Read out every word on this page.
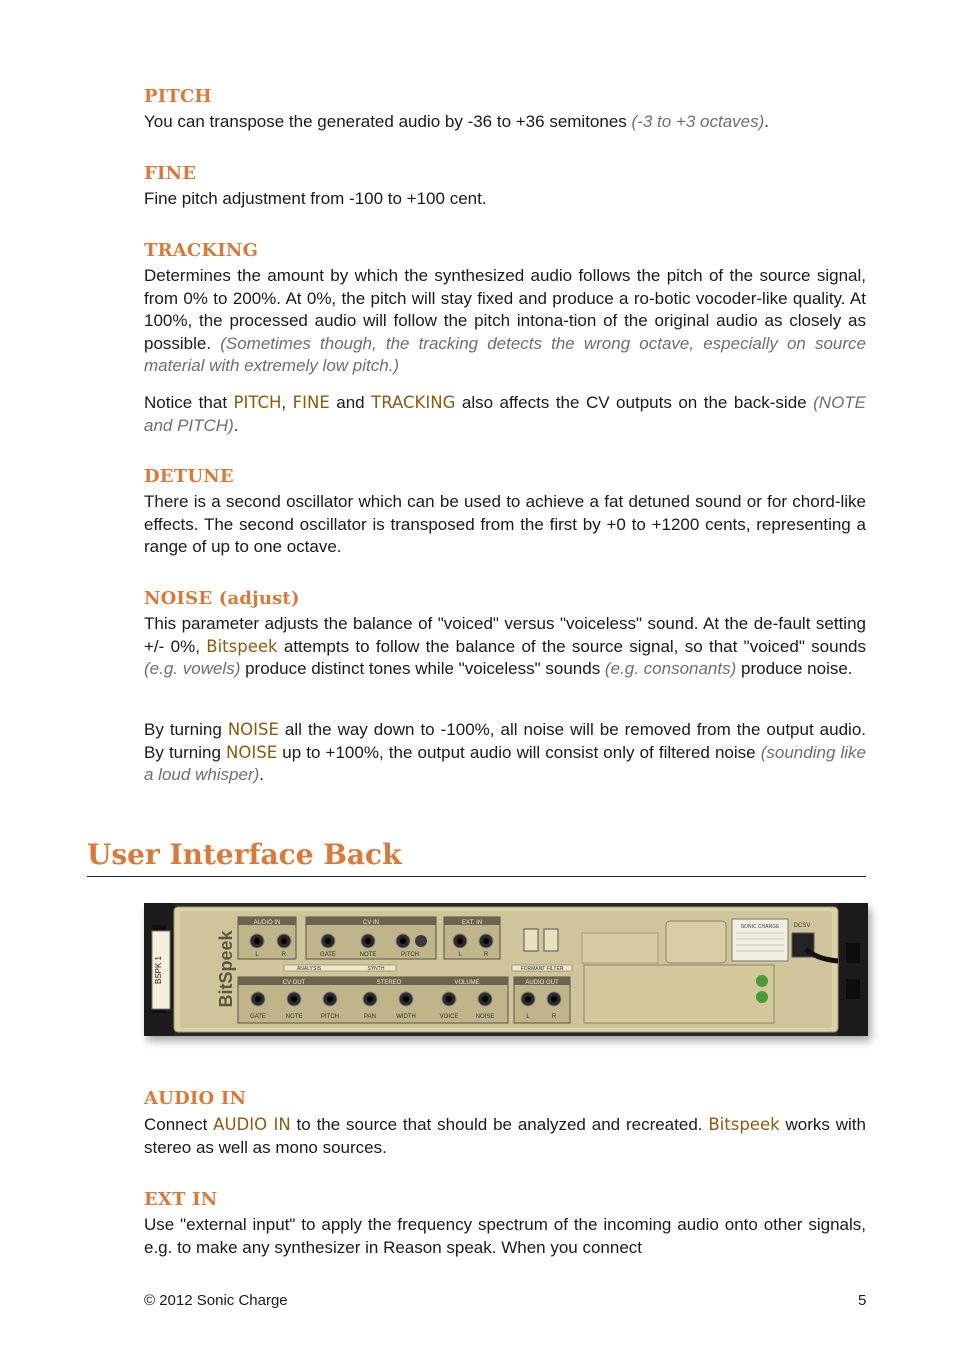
PITCH

You can transpose the generated audio by -36 to +36 semitones (-3 to +3 octaves).

FINE

Fine pitch adjustment from -100 to +100 cent.

TRACKING

Determines the amount by which the synthesized audio follows the pitch of the source signal, from 0% to 200%. At 0%, the pitch will stay fixed and produce a ro-botic vocoder-like quality. At 100%, the processed audio will follow the pitch intona-tion of the original audio as closely as possible. (Sometimes though, the tracking detects the wrong octave, especially on source material with extremely low pitch.)

Notice that PITCH, FINE and TRACKING also affects the CV outputs on the back-side (NOTE and PITCH).

DETUNE

There is a second oscillator which can be used to achieve a fat detuned sound or for chord-like effects. The second oscillator is transposed from the first by +0 to +1200 cents, representing a range of up to one octave.

NOISE (adjust)

This parameter adjusts the balance of "voiced" versus "voiceless" sound. At the de-fault setting +/- 0%, Bitspeek attempts to follow the balance of the source signal, so that "voiced" sounds (e.g. vowels) produce distinct tones while "voiceless" sounds (e.g. consonants) produce noise.

By turning NOISE all the way down to -100%, all noise will be removed from the output audio. By turning NOISE up to +100%, the output audio will consist only of filtered noise (sounding like a loud whisper).

AUDIO IN

Connect AUDIO IN to the source that should be analyzed and recreated. Bitspeek works with stereo as well as mono sources.

EXT IN

Use "external input" to apply the frequency spectrum of the incoming audio onto other signals, e.g. to make any synthesizer in Reason speak. When you connect

User Interface Back
BSPK 1	BitSpeek
AUDIO IN	CV IN	EXT. IN
L	R	GATE	NOTE	PITCH	L	R
ANALYSIS	SYNTH	FORMANT FILTER
CV OUT	STEREO	VOLUME	AUDIO OUT
GATE	NOTE	PITCH	PAN	WIDTH	VOICE	NOISE	L	R
SONIC CHARGE DCSV
© 2012 Sonic Charge	5
